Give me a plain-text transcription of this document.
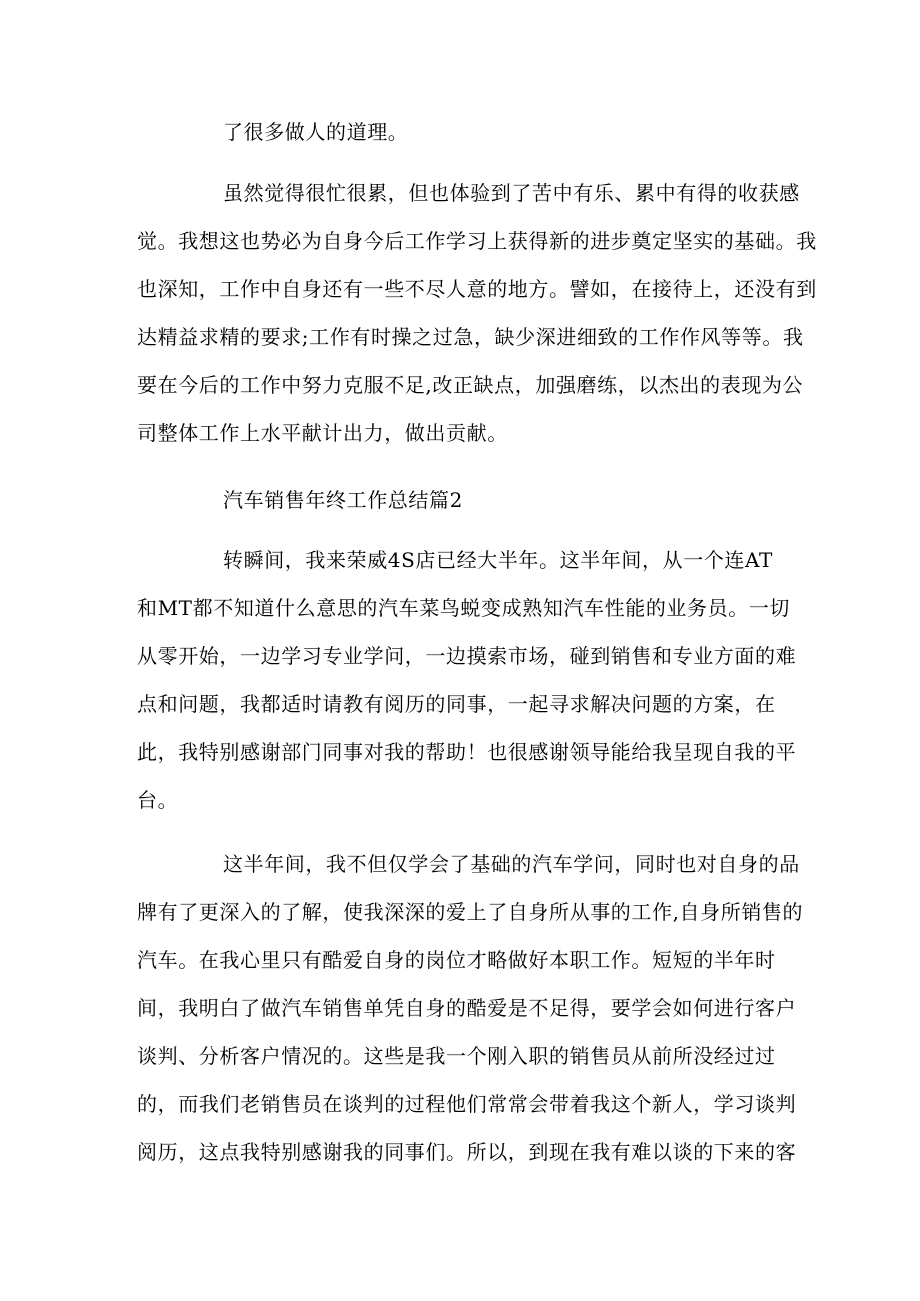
了很多做人的道理。
虽然觉得很忙很累，但也体验到了苦中有乐、累中有得的收获感
觉。我想这也势必为自身今后工作学习上获得新的进步奠定坚实的基础。我
也深知，工作中自身还有一些不尽人意的地方。譬如，在接待上，还没有到
达精益求精的要求;工作有时操之过急，缺少深进细致的工作作风等等。我
要在今后的工作中努力克服不足,改正缺点，加强磨练，以杰出的表现为公
司整体工作上水平献计出力，做出贡献。
汽车销售年终工作总结篇2
转瞬间，我来荣威4S店已经大半年。这半年间，从一个连AT
和MT都不知道什么意思的汽车菜鸟蜕变成熟知汽车性能的业务员。一切
从零开始，一边学习专业学问，一边摸索市场，碰到销售和专业方面的难
点和问题，我都适时请教有阅历的同事，一起寻求解决问题的方案，在
此，我特别感谢部门同事对我的帮助！也很感谢领导能给我呈现自我的平
台。
这半年间，我不但仅学会了基础的汽车学问，同时也对自身的品
牌有了更深入的了解，使我深深的爱上了自身所从事的工作,自身所销售的
汽车。在我心里只有酷爱自身的岗位才略做好本职工作。短短的半年时
间，我明白了做汽车销售单凭自身的酷爱是不足得，要学会如何进行客户
谈判、分析客户情况的。这些是我一个刚入职的销售员从前所没经过过
的，而我们老销售员在谈判的过程他们常常会带着我这个新人，学习谈判
阅历，这点我特别感谢我的同事们。所以，到现在我有难以谈的下来的客
